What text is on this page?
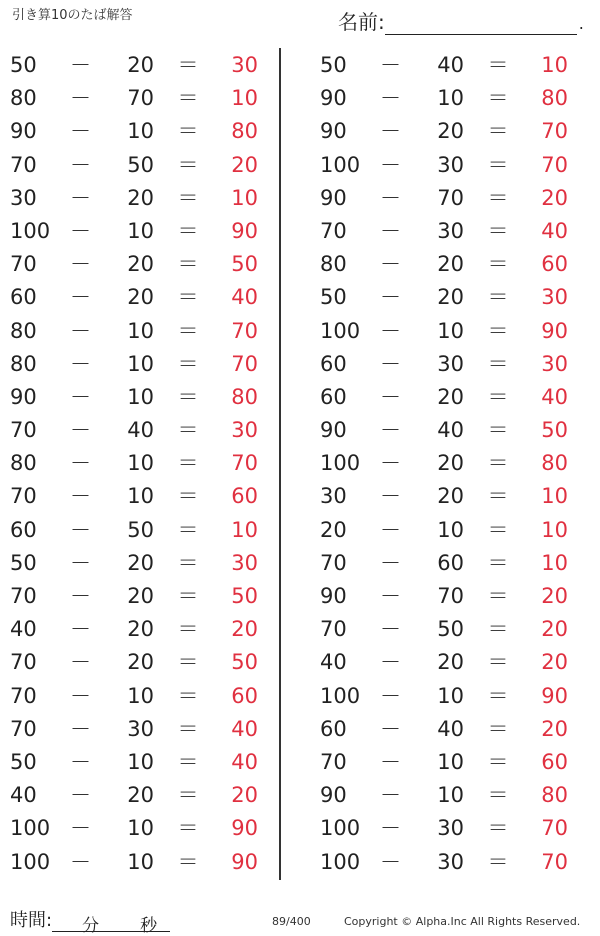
引き算10のたば解答	名前:	.
50	－	20 ＝	30
80	－	70 ＝	10
90	－	10 ＝	80
70	－	50 ＝	20
30	－	20 ＝	10
100 －	10 ＝	90
70	－	20 ＝	50
60	－	20 ＝	40
80	－	10 ＝	70
80	－	10 ＝	70
90	－	10 ＝	80
70	－	40 ＝	30
80	－	10 ＝	70
70	－	10 ＝	60
60	－	50 ＝	10
50	－	20 ＝	30
70	－	20 ＝	50
40	－	20 ＝	20
70	－	20 ＝	50
70	－	10 ＝	60
70	－	30 ＝	40
50	－	10 ＝	40
40	－	20 ＝	20
100 －	10 ＝	90
100 －	10 ＝	90
50	－	40 ＝	10
90	－	10 ＝	80
90	－	20 ＝	70
100 －	30 ＝	70
90	－	70 ＝	20
70	－	30 ＝	40
80	－	20 ＝	60
50	－	20 ＝	30
100 －	10 ＝	90
60	－	30 ＝	30
60	－	20 ＝	40
90	－	40 ＝	50
100 －	20 ＝	80
30	－	20 ＝	10
20	－	10 ＝	10
70	－	60 ＝	10
90	－	70 ＝	20
70	－	50 ＝	20
40	－	20 ＝	20
100 －	10 ＝	90
60	－	40 ＝	20
70	－	10 ＝	60
90	－	10 ＝	80
100 －	30 ＝	70
100 －	30 ＝	70
時間: 分 秒	89/400	Copyright © Alpha.Inc All Rights Reserved.
